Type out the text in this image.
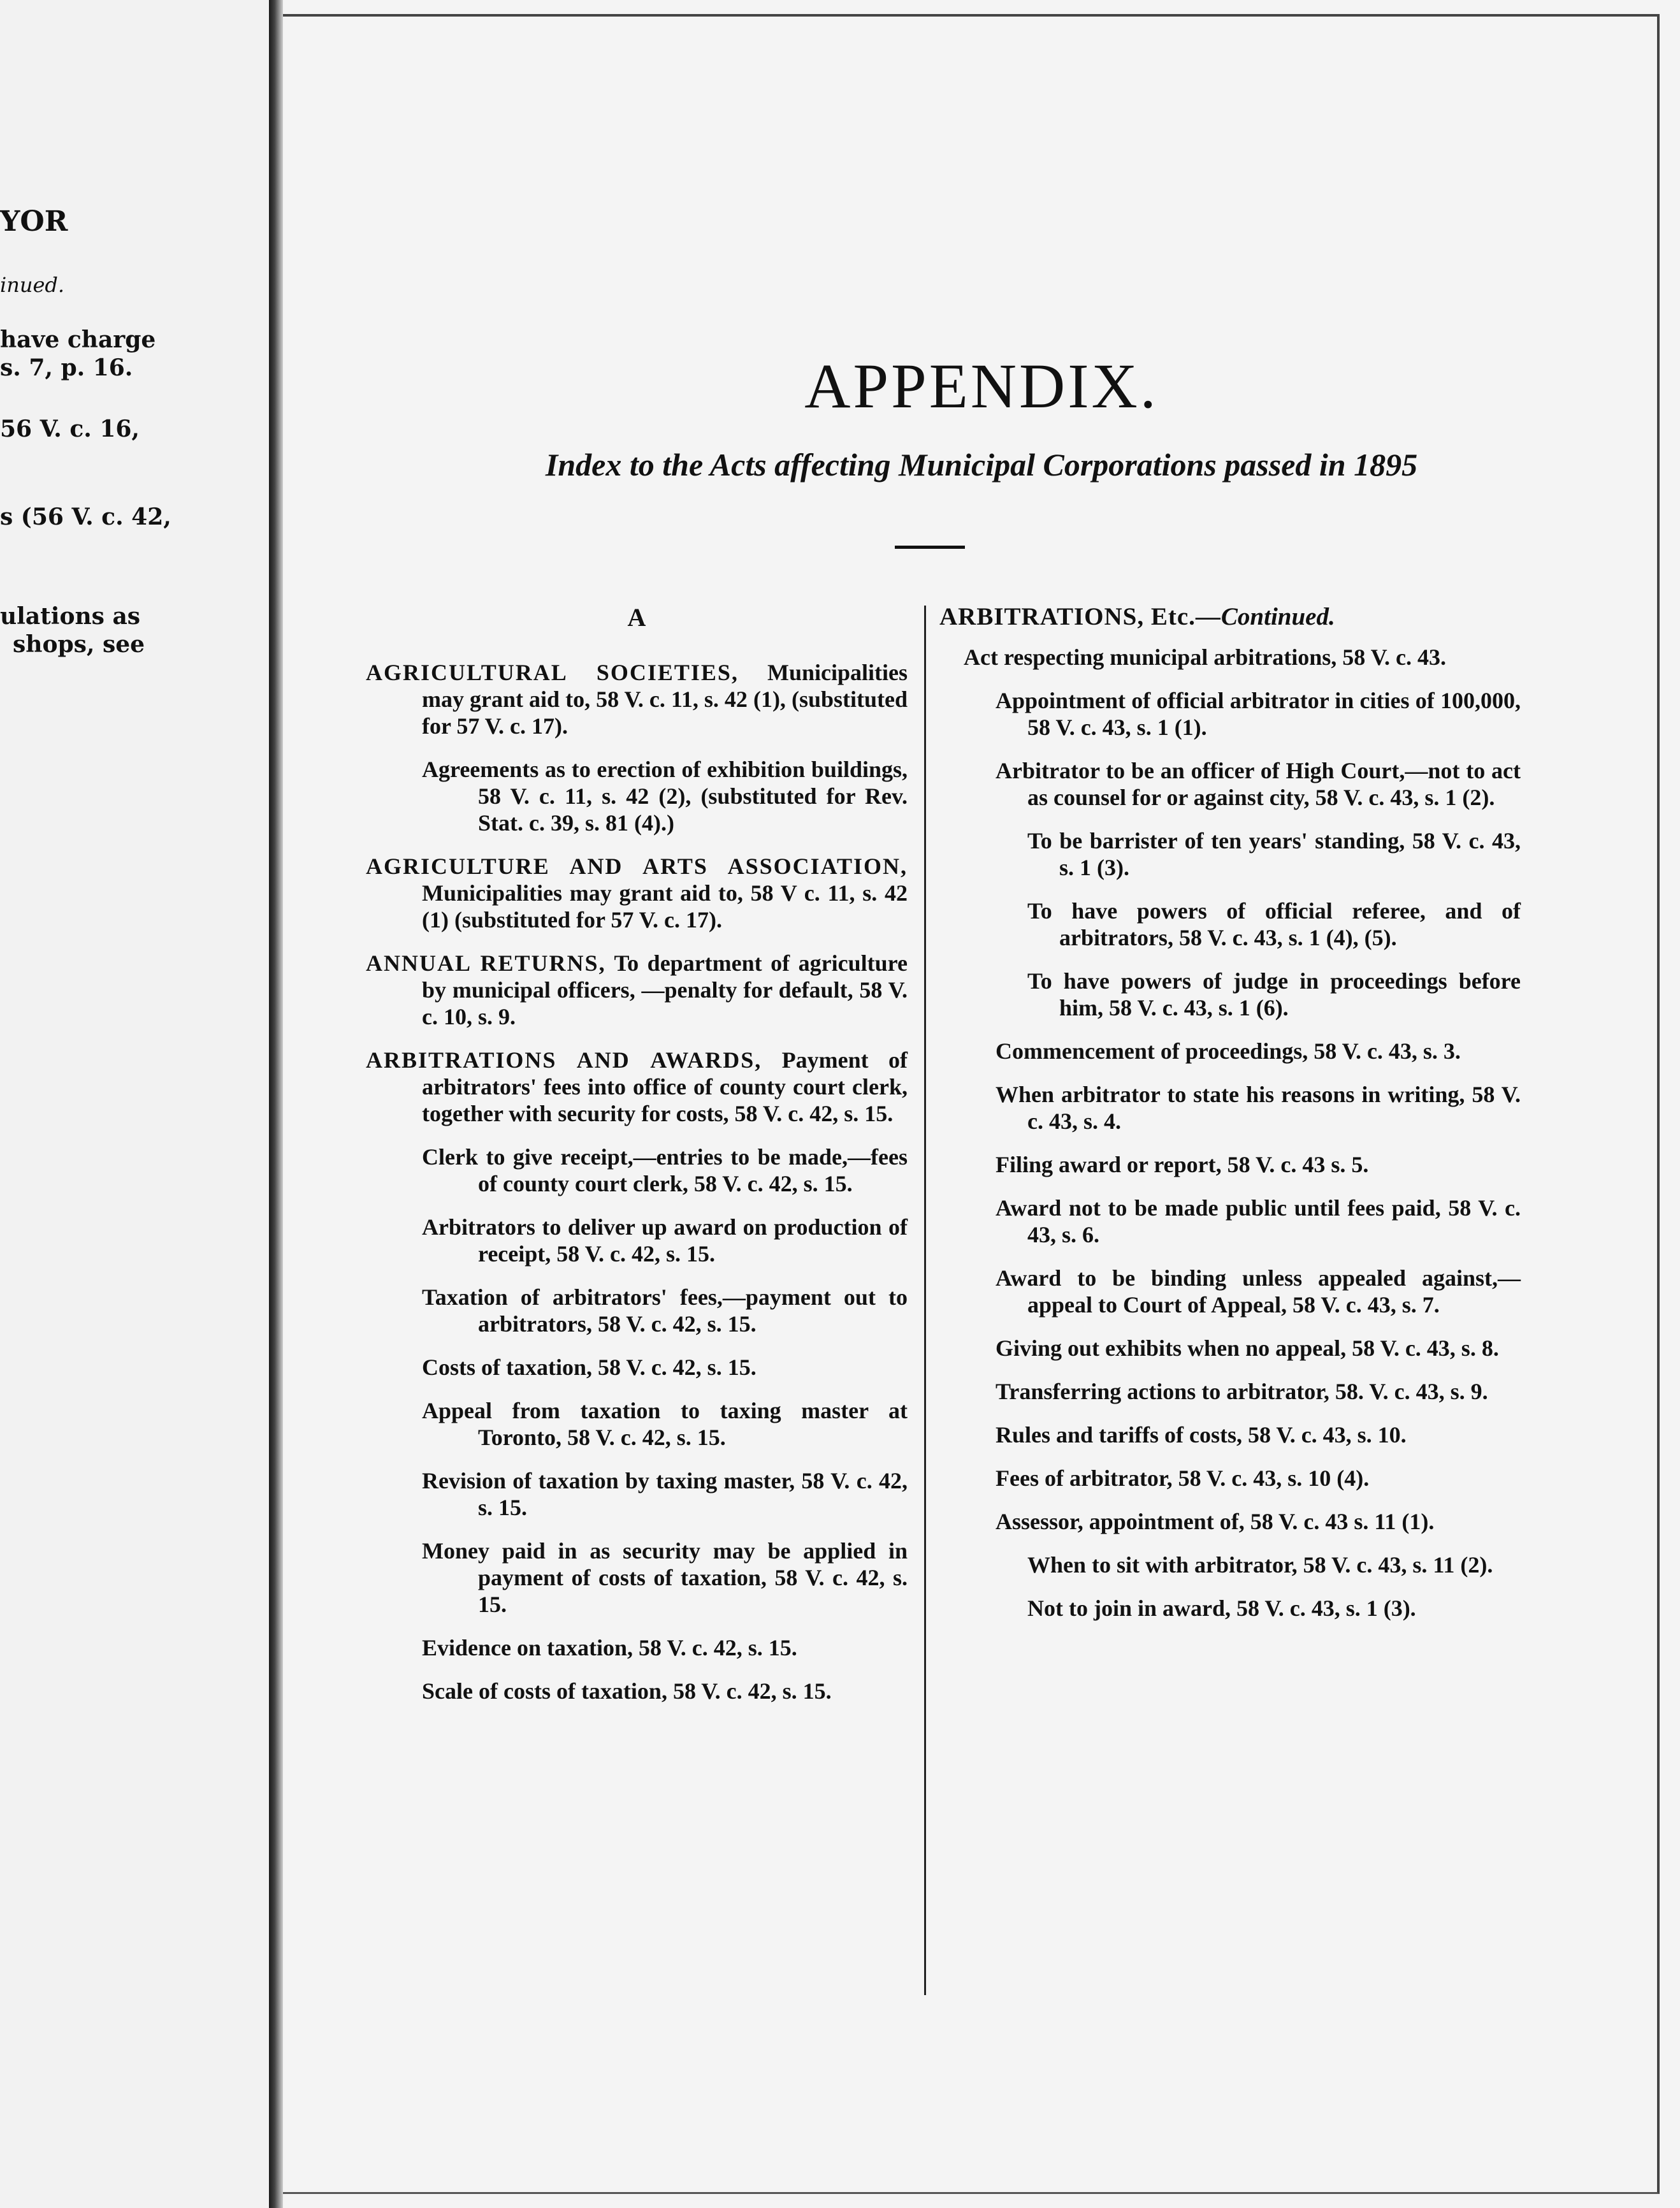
YOR
inued.
have charge
s. 7, p. 16.
56 V. c. 16,
s (56 V. c. 42,
ulations as
shops, see
APPENDIX.
Index to the Acts affecting Municipal Corporations passed in 1895

A

AGRICULTURAL SOCIETIES, Municipalities may grant aid to, 58 V. c. 11, s. 42 (1), (substituted for 57 V. c. 17).

Agreements as to erection of exhibition buildings, 58 V. c. 11, s. 42 (2), (substituted for Rev. Stat. c. 39, s. 81 (4).)

AGRICULTURE AND ARTS ASSOCIATION, Municipalities may grant aid to, 58 V c. 11, s. 42 (1) (substituted for 57 V. c. 17).

ANNUAL RETURNS, To department of agriculture by municipal officers, —penalty for default, 58 V. c. 10, s. 9.

ARBITRATIONS AND AWARDS, Payment of arbitrators' fees into office of county court clerk, together with security for costs, 58 V. c. 42, s. 15.

Clerk to give receipt,—entries to be made,—fees of county court clerk, 58 V. c. 42, s. 15.

Arbitrators to deliver up award on production of receipt, 58 V. c. 42, s. 15.

Taxation of arbitrators' fees,—payment out to arbitrators, 58 V. c. 42, s. 15.

Costs of taxation, 58 V. c. 42, s. 15.

Appeal from taxation to taxing master at Toronto, 58 V. c. 42, s. 15.

Revision of taxation by taxing master, 58 V. c. 42, s. 15.

Money paid in as security may be applied in payment of costs of taxation, 58 V. c. 42, s. 15.

Evidence on taxation, 58 V. c. 42, s. 15.

Scale of costs of taxation, 58 V. c. 42, s. 15.

ARBITRATIONS, Etc.—Continued.

Act respecting municipal arbitrations, 58 V. c. 43.

Appointment of official arbitrator in cities of 100,000, 58 V. c. 43, s. 1 (1).

Arbitrator to be an officer of High Court,—not to act as counsel for or against city, 58 V. c. 43, s. 1 (2).

To be barrister of ten years' standing, 58 V. c. 43, s. 1 (3).

To have powers of official referee, and of arbitrators, 58 V. c. 43, s. 1 (4), (5).

To have powers of judge in proceedings before him, 58 V. c. 43, s. 1 (6).

Commencement of proceedings, 58 V. c. 43, s. 3.

When arbitrator to state his reasons in writing, 58 V. c. 43, s. 4.

Filing award or report, 58 V. c. 43 s. 5.

Award not to be made public until fees paid, 58 V. c. 43, s. 6.

Award to be binding unless appealed against,—appeal to Court of Appeal, 58 V. c. 43, s. 7.

Giving out exhibits when no appeal, 58 V. c. 43, s. 8.

Transferring actions to arbitrator, 58. V. c. 43, s. 9.

Rules and tariffs of costs, 58 V. c. 43, s. 10.

Fees of arbitrator, 58 V. c. 43, s. 10 (4).

Assessor, appointment of, 58 V. c. 43 s. 11 (1).

When to sit with arbitrator, 58 V. c. 43, s. 11 (2).

Not to join in award, 58 V. c. 43, s. 1 (3).
